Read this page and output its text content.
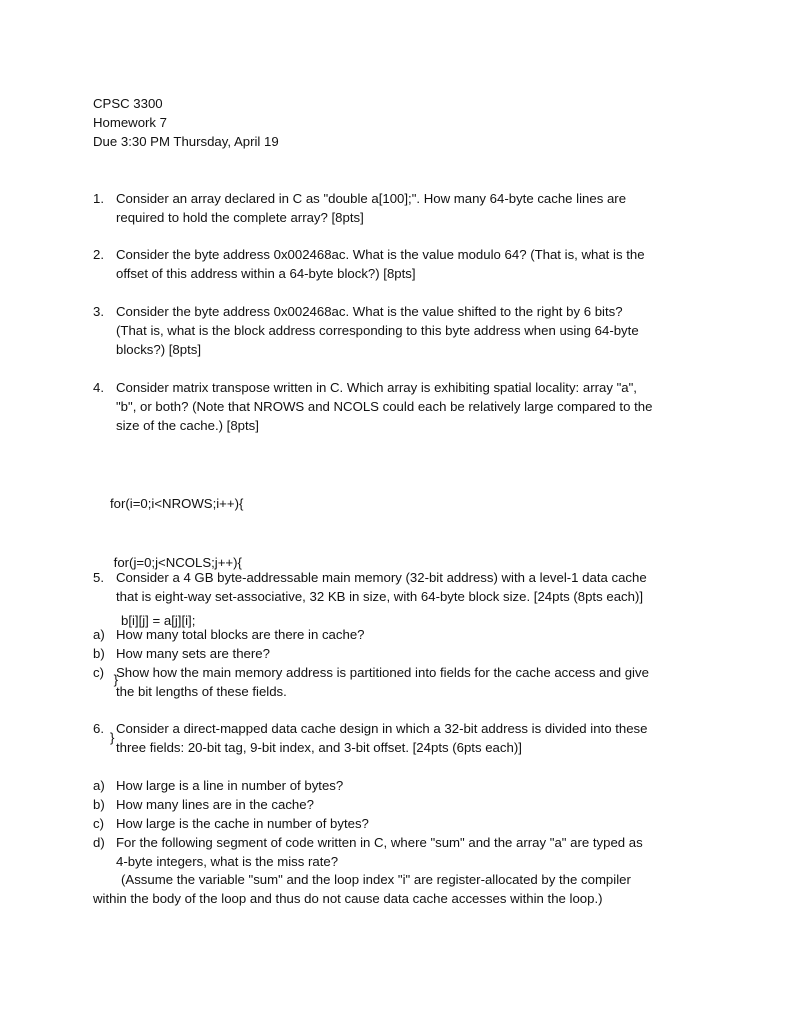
CPSC 3300
Homework 7
Due 3:30 PM Thursday, April 19
1. Consider an array declared in C as "double a[100];". How many 64-byte cache lines are
required to hold the complete array? [8pts]
2. Consider the byte address 0x002468ac. What is the value modulo 64? (That is, what is the
offset of this address within a 64-byte block?) [8pts]
3. Consider the byte address 0x002468ac. What is the value shifted to the right by 6 bits?
(That is, what is the block address corresponding to this byte address when using 64-byte
blocks?) [8pts]
4. Consider matrix transpose written in C. Which array is exhibiting spatial locality: array "a",
"b", or both? (Note that NROWS and NCOLS could each be relatively large compared to the
size of the cache.) [8pts]

for(i=0;i<NROWS;i++){

for(j=0;j<NCOLS;j++){

b[i][j] = a[j][i];

}

}

5. Consider a 4 GB byte-addressable main memory (32-bit address) with a level-1 data cache
that is eight-way set-associative, 32 KB in size, with 64-byte block size. [24pts (8pts each)]
a) How many total blocks are there in cache?
b) How many sets are there?
c) Show how the main memory address is partitioned into fields for the cache access and give
the bit lengths of these fields.
6. Consider a direct-mapped data cache design in which a 32-bit address is divided into these
three fields: 20-bit tag, 9-bit index, and 3-bit offset. [24pts (6pts each)]
a) How large is a line in number of bytes?
b) How many lines are in the cache?
c) How large is the cache in number of bytes?
d) For the following segment of code written in C, where "sum" and the array "a" are typed as
4-byte integers, what is the miss rate?
(Assume the variable "sum" and the loop index "i" are register-allocated by the compiler
within the body of the loop and thus do not cause data cache accesses within the loop.)
